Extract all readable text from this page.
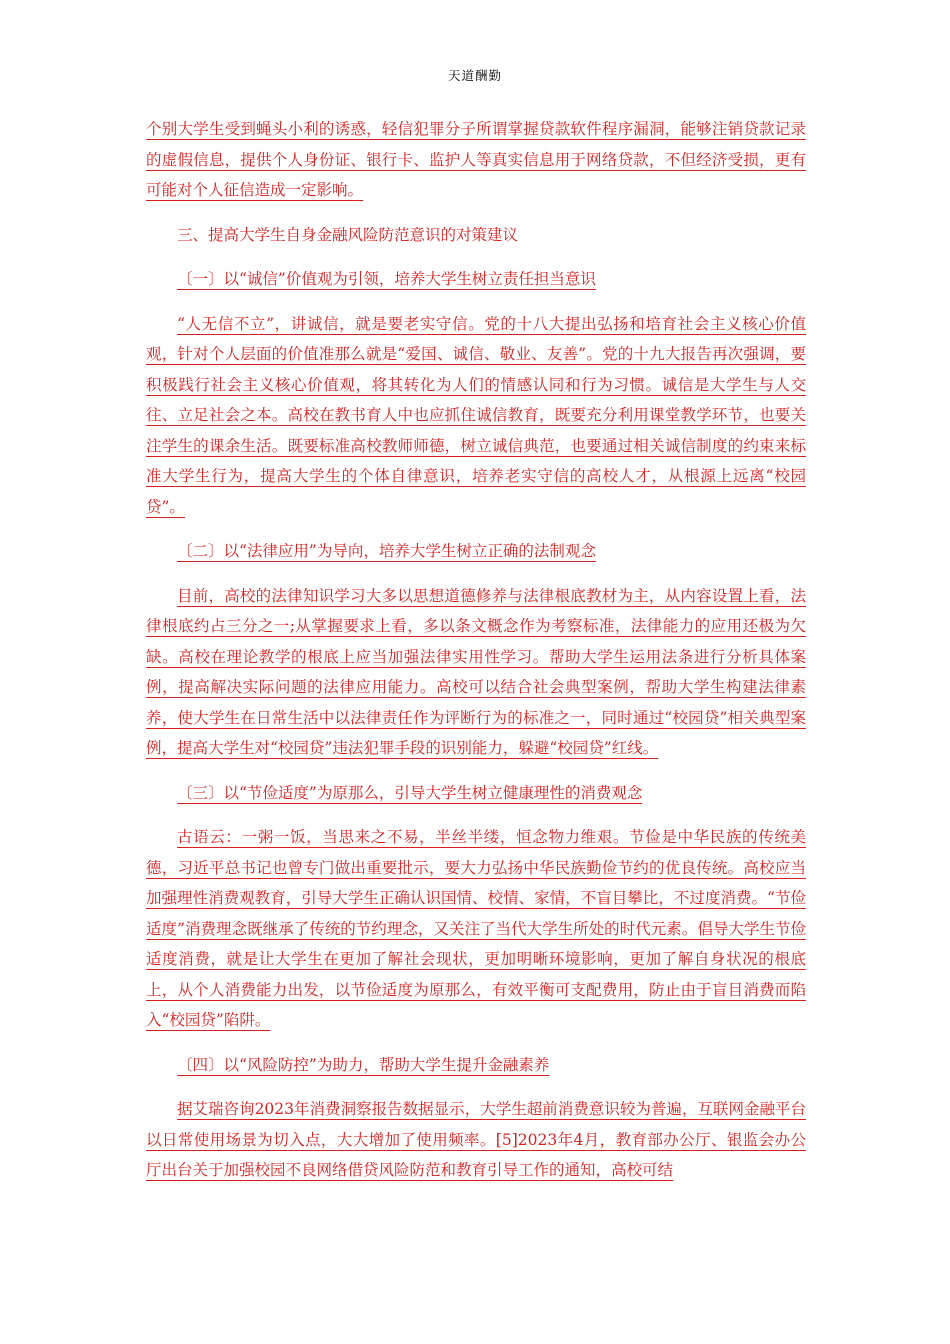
天道酬勤

个别大学生受到蝇头小利的诱惑，轻信犯罪分子所谓掌握贷款软件程序漏洞，能够注销贷款记录的虚假信息，提供个人身份证、银行卡、监护人等真实信息用于网络贷款，不但经济受损，更有可能对个人征信造成一定影响。

三、提高大学生自身金融风险防范意识的对策建议

〔一〕以“诚信”价值观为引领，培养大学生树立责任担当意识

“人无信不立”，讲诚信，就是要老实守信。党的十八大提出弘扬和培育社会主义核心价值观，针对个人层面的价值准那么就是“爱国、诚信、敬业、友善”。党的十九大报告再次强调，要积极践行社会主义核心价值观，将其转化为人们的情感认同和行为习惯。诚信是大学生与人交往、立足社会之本。高校在教书育人中也应抓住诚信教育，既要充分利用课堂教学环节，也要关注学生的课余生活。既要标准高校教师师德，树立诚信典范，也要通过相关诚信制度的约束来标准大学生行为，提高大学生的个体自律意识，培养老实守信的高校人才，从根源上远离“校园贷”。

〔二〕以“法律应用”为导向，培养大学生树立正确的法制观念

目前，高校的法律知识学习大多以思想道德修养与法律根底教材为主，从内容设置上看，法律根底约占三分之一;从掌握要求上看，多以条文概念作为考察标准，法律能力的应用还极为欠缺。高校在理论教学的根底上应当加强法律实用性学习。帮助大学生运用法条进行分析具体案例，提高解决实际问题的法律应用能力。高校可以结合社会典型案例，帮助大学生构建法律素养，使大学生在日常生活中以法律责任作为评断行为的标准之一，同时通过“校园贷”相关典型案例，提高大学生对“校园贷”违法犯罪手段的识别能力，躲避“校园贷”红线。

〔三〕以“节俭适度”为原那么，引导大学生树立健康理性的消费观念

古语云：一粥一饭，当思来之不易，半丝半缕，恒念物力维艰。节俭是中华民族的传统美德，习近平总书记也曾专门做出重要批示，要大力弘扬中华民族勤俭节约的优良传统。高校应当加强理性消费观教育，引导大学生正确认识国情、校情、家情，不盲目攀比，不过度消费。“节俭适度”消费理念既继承了传统的节约理念，又关注了当代大学生所处的时代元素。倡导大学生节俭适度消费，就是让大学生在更加了解社会现状，更加明晰环境影响，更加了解自身状况的根底上，从个人消费能力出发，以节俭适度为原那么，有效平衡可支配费用，防止由于盲目消费而陷入“校园贷”陷阱。

〔四〕以“风险防控”为助力，帮助大学生提升金融素养

据艾瑞咨询2023年消费洞察报告数据显示，大学生超前消费意识较为普遍，互联网金融平台以日常使用场景为切入点，大大增加了使用频率。[5]2023年4月，教育部办公厅、银监会办公厅出台关于加强校园不良网络借贷风险防范和教育引导工作的通知，高校可结
